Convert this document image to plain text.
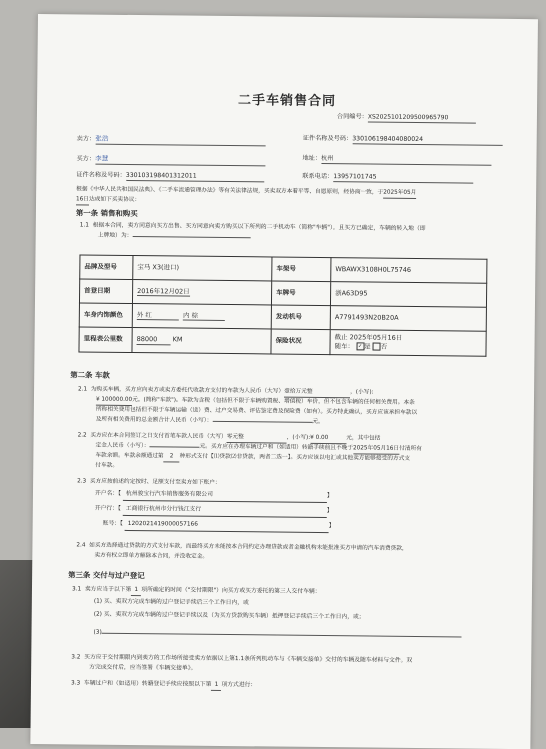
二手车销售合同
合同编号：XS20251012095009657​90
卖方：张浩	证件名称及号码：330106198404080024
买方：李慧	地址：杭州
证件名称及号码：330103198401312011	联系电话：13957101745
根据《中华人民共和国民法典》、《二手车流通管理办法》等有关法律法规，买卖双方本着平等、自愿原则，经协商一致，于2025年05月
16日达成如下买卖协议：
第一条 销售和购买
1.1 根据本合同，卖方同意向买方出售、买方同意向卖方购买以下所列的二手机动车（简称"车辆"）。且买方已确定，车辆的转入地（即
上牌地）为：
品牌及型号	宝马 X3(进口)	车架号	WBAWX3108H0L75746
首登日期	2016年12月02日	车牌号	浙A63D95
车身内饰颜色	外 红 内 棕	发动机号	A7791493N20B20A
里程表公里数	88000 KM	保险状况	截止 2025年05月16日
随车： ✓ 是 否
第二条 车款
2.1 为购买车辆，买方应向卖方或卖方委托代收款方支付的车款为人民币（大写）壹拾万元整	，(小写):
¥ 100000.00元。(简称"车款")。车款为含税（包括但不限于车辆购置税、增值税）车价，但不包含车辆的任何相关费用。本条
所称相关费用包括但不限于车辆运输（送）费、过户交易费、评估鉴定费及保险费（如有）。买方特此确认，买方应该承担车款以
及所有相关费用的总金额合计人民币（小写）：	元。
2.2 买方应在本合同签订之日支付首笔车款人民币（大写）零元整	，(小写):¥ 0.00	元，其中包括
定金人民币（小写）：	元。买方应在办理车辆过户和（如适用）转籍手续前且不晚于2025年05月16日付清所有
车款余额。车款余额通过第 2 种形式支付【⑴贷款⑵非贷款，两者二选一】。买方应该以电汇或其他卖方能够接受的方式支
付车款。
2.3 买方应按前述约定按时、足额支付至卖方如下账户：
开户名：【 杭州骏宝行汽车销售服务有限公司	】
开户行：【 工商银行杭州市分行钱江支行	】
账号：【 1202021419000057166	】
2.4 如买方选择通过贷款的方式支付车款，而最终买方未能按本合同约定办理贷款或者金融机构未能批准买方申请的汽车消费贷款，
卖方有权立即单方解除本合同，并没收定金。
第三条 交付与过户登记
3.1 卖方应当于以下第 1 项所确定的时间（"交付期限"）向买方或买方委托的第三人交付车辆：
(1) 买、卖双方完成车辆的过户登记手续后三个工作日内，或
(2) 买、卖双方完成车辆的过户登记手续以及（为买方贷款购买车辆）抵押登记手续后三个工作日内，或；
(3)
3.2 买方应于交付期限内到卖方的工作场所接受卖方依据以上第1.1条所列机动车与《车辆交接单》交付的车辆及随车材料与文件。双
方完成交付后，应当签署《车辆交接单》。
3.3 车辆过户和（如适用）转籍登记手续应按照以下第 1 项方式进行：
